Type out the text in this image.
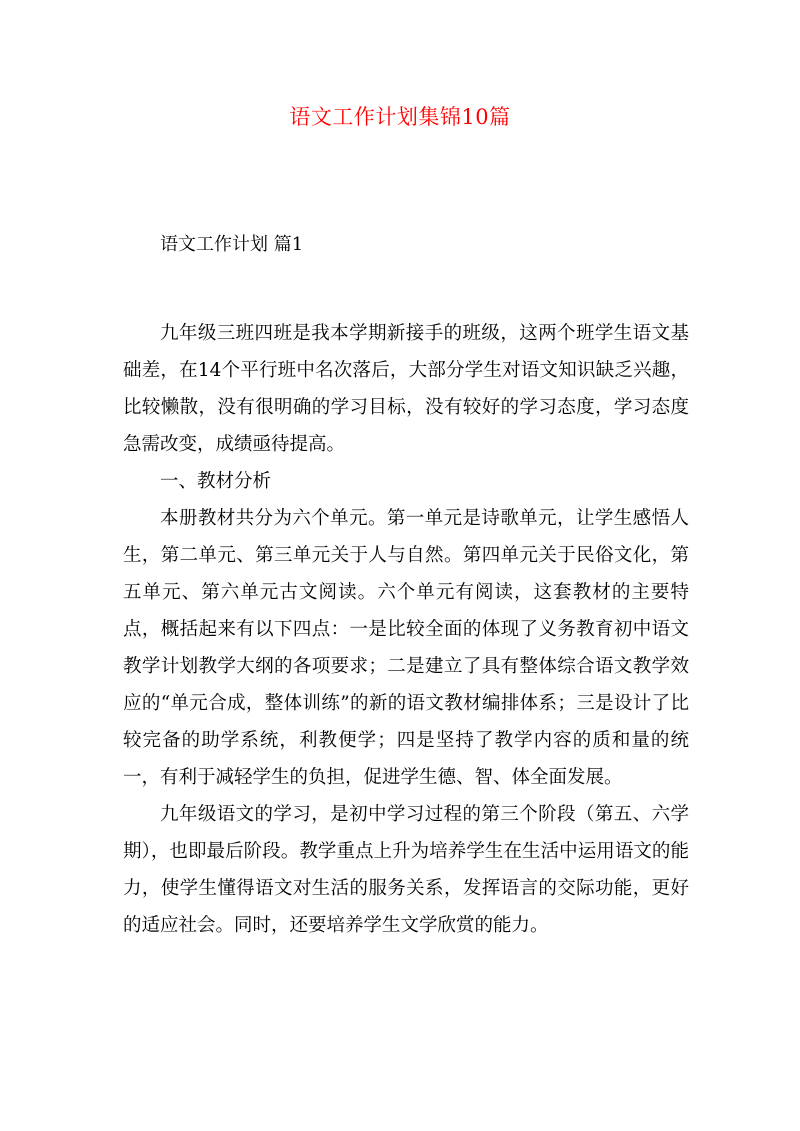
语文工作计划集锦10篇
语文工作计划 篇1

九年级三班四班是我本学期新接手的班级，这两个班学生语文基础差，在14个平行班中名次落后，大部分学生对语文知识缺乏兴趣，比较懒散，没有很明确的学习目标，没有较好的学习态度，学习态度急需改变，成绩亟待提高。

一、教材分析

本册教材共分为六个单元。第一单元是诗歌单元，让学生感悟人生，第二单元、第三单元关于人与自然。第四单元关于民俗文化，第五单元、第六单元古文阅读。六个单元有阅读，这套教材的主要特点，概括起来有以下四点：一是比较全面的体现了义务教育初中语文教学计划教学大纲的各项要求；二是建立了具有整体综合语文教学效应的“单元合成，整体训练”的新的语文教材编排体系；三是设计了比较完备的助学系统，利教便学；四是坚持了教学内容的质和量的统一，有利于减轻学生的负担，促进学生德、智、体全面发展。

九年级语文的学习，是初中学习过程的第三个阶段（第五、六学期），也即最后阶段。教学重点上升为培养学生在生活中运用语文的能力，使学生懂得语文对生活的服务关系，发挥语言的交际功能，更好的适应社会。同时，还要培养学生文学欣赏的能力。
